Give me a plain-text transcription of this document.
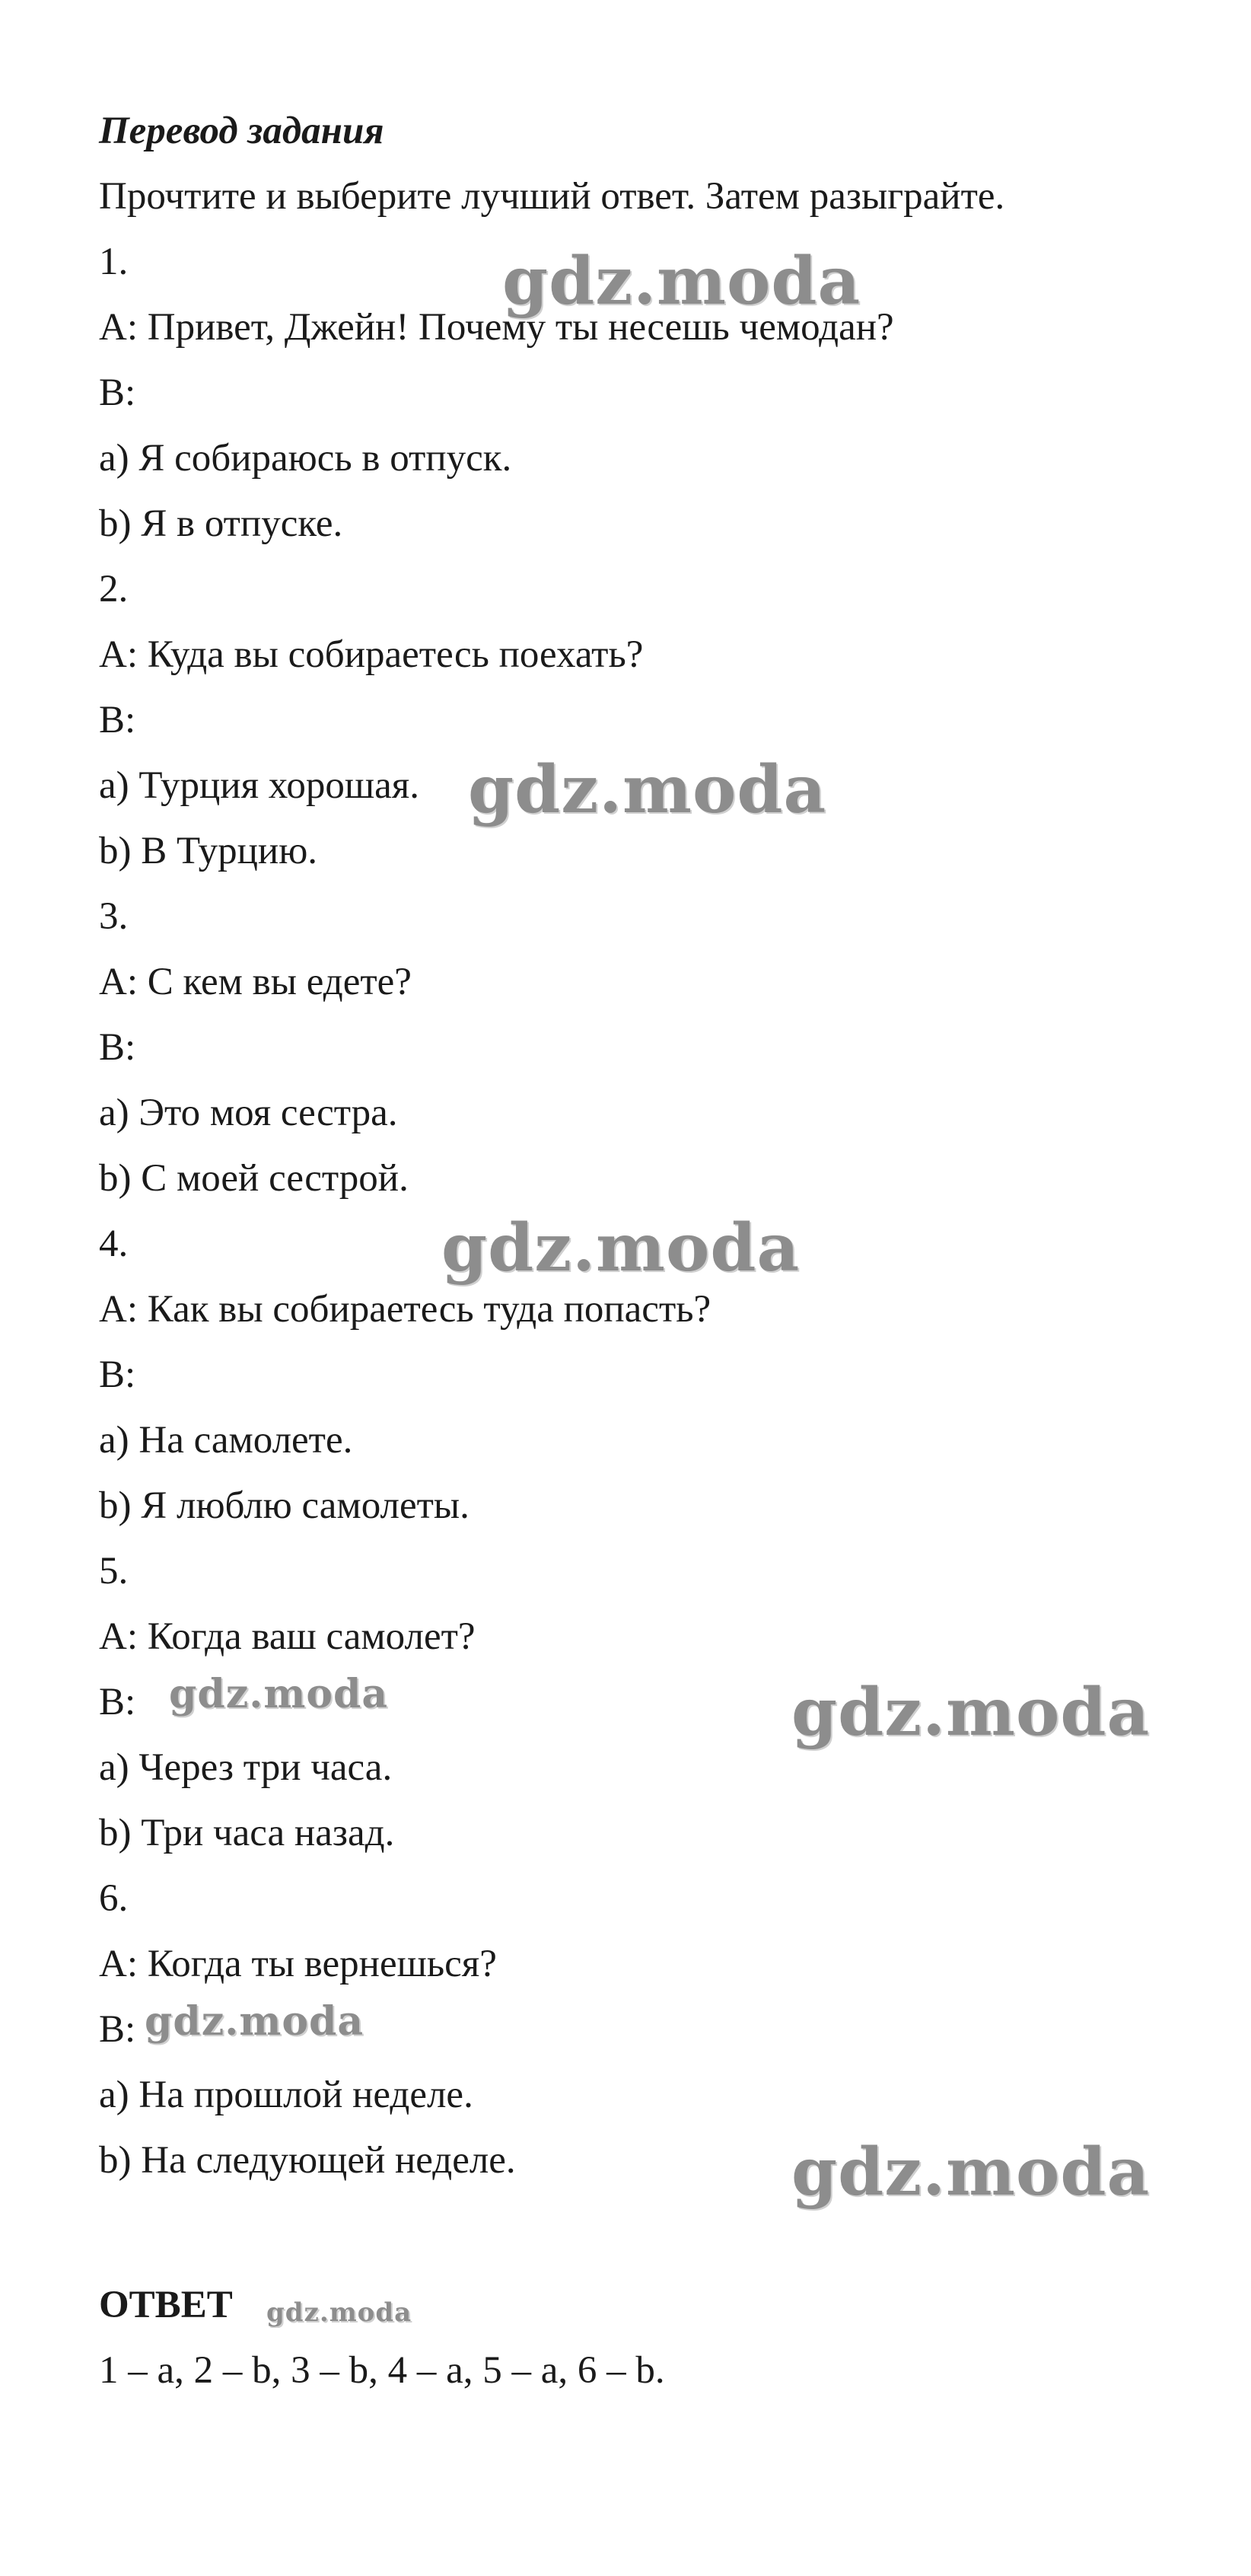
Перевод задания
Прочтите и выберите лучший ответ. Затем разыграйте.
1.
A: Привет, Джейн! Почему ты несешь чемодан?
B:
a) Я собираюсь в отпуск.
b) Я в отпуске.
2.
A: Куда вы собираетесь поехать?
B:
a) Турция хорошая.
b) В Турцию.
3.
A: С кем вы едете?
B:
a) Это моя сестра.
b) С моей сестрой.
4.
A: Как вы собираетесь туда попасть?
B:
a) На самолете.
b) Я люблю самолеты.
5.
A: Когда ваш самолет?
B:
a) Через три часа.
b) Три часа назад.
6.
A: Когда ты вернешься?
B:
a) На прошлой неделе.
b) На следующей неделе.
ОТВЕТ
1 – a, 2 – b, 3 – b, 4 – a, 5 – a, 6 – b.
gdz.moda
gdz.moda
gdz.moda
gdz.moda	gdz.moda
gdz.moda
gdz.moda
gdz.moda
